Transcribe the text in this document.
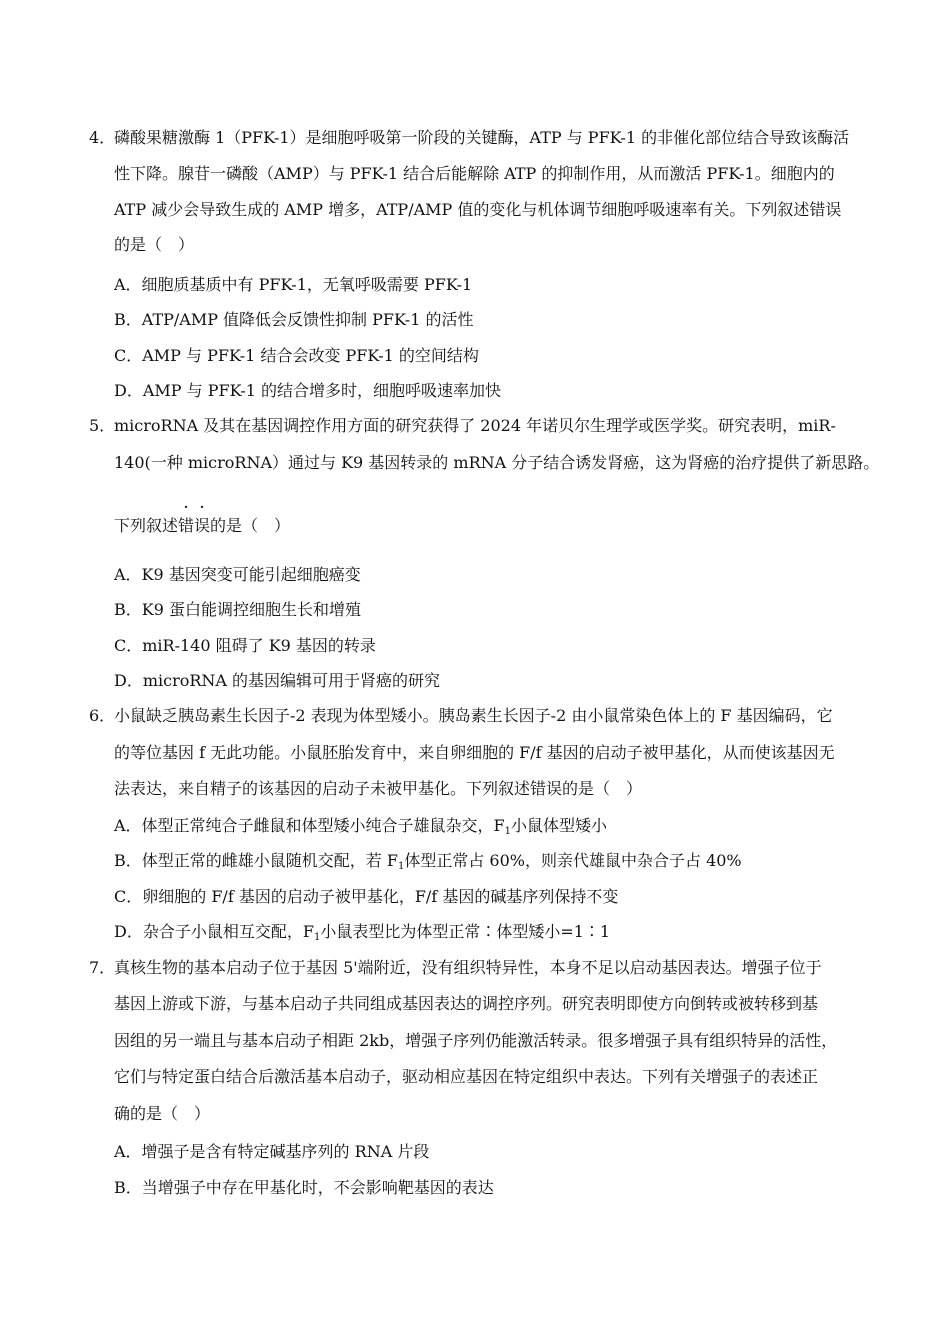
4．磷酸果糖激酶 1（PFK-1）是细胞呼吸第一阶段的关键酶，ATP 与 PFK-1 的非催化部位结合导致该酶活
性下降。腺苷一磷酸（AMP）与 PFK-1 结合后能解除 ATP 的抑制作用，从而激活 PFK-1。细胞内的
ATP 减少会导致生成的 AMP 增多，ATP/AMP 值的变化与机体调节细胞呼吸速率有关。下列叙述错误
的是（　）
A．细胞质基质中有 PFK-1，无氧呼吸需要 PFK-1
B．ATP/AMP 值降低会反馈性抑制 PFK-1 的活性
C．AMP 与 PFK-1 结合会改变 PFK-1 的空间结构
D．AMP 与 PFK-1 的结合增多时，细胞呼吸速率加快
5．microRNA 及其在基因调控作用方面的研究获得了 2024 年诺贝尔生理学或医学奖。研究表明，miR-
140(一种 microRNA）通过与 K9 基因转录的 mRNA 分子结合诱发肾癌，这为肾癌的治疗提供了新思路。
下列叙述错误的是（　）
A．K9 基因突变可能引起细胞癌变
B．K9 蛋白能调控细胞生长和增殖
C．miR-140 阻碍了 K9 基因的转录
D．microRNA 的基因编辑可用于肾癌的研究
6．小鼠缺乏胰岛素生长因子-2 表现为体型矮小。胰岛素生长因子-2 由小鼠常染色体上的 F 基因编码，它
的等位基因 f 无此功能。小鼠胚胎发育中，来自卵细胞的 F/f 基因的启动子被甲基化，从而使该基因无
法表达，来自精子的该基因的启动子未被甲基化。下列叙述错误的是（　）
A．体型正常纯合子雌鼠和体型矮小纯合子雄鼠杂交，$F_1$小鼠体型矮小
B．体型正常的雌雄小鼠随机交配，若 $F_1$体型正常占 60%，则亲代雄鼠中杂合子占 40%
C．卵细胞的 F/f 基因的启动子被甲基化，F/f 基因的碱基序列保持不变
D．杂合子小鼠相互交配，$F_1$小鼠表型比为体型正常∶体型矮小=1∶1
7．真核生物的基本启动子位于基因 5'端附近，没有组织特异性，本身不足以启动基因表达。增强子位于
基因上游或下游，与基本启动子共同组成基因表达的调控序列。研究表明即使方向倒转或被转移到基
因组的另一端且与基本启动子相距 2kb，增强子序列仍能激活转录。很多增强子具有组织特异的活性，
它们与特定蛋白结合后激活基本启动子，驱动相应基因在特定组织中表达。下列有关增强子的表述正
确的是（　）
A．增强子是含有特定碱基序列的 RNA 片段
B．当增强子中存在甲基化时，不会影响靶基因的表达
